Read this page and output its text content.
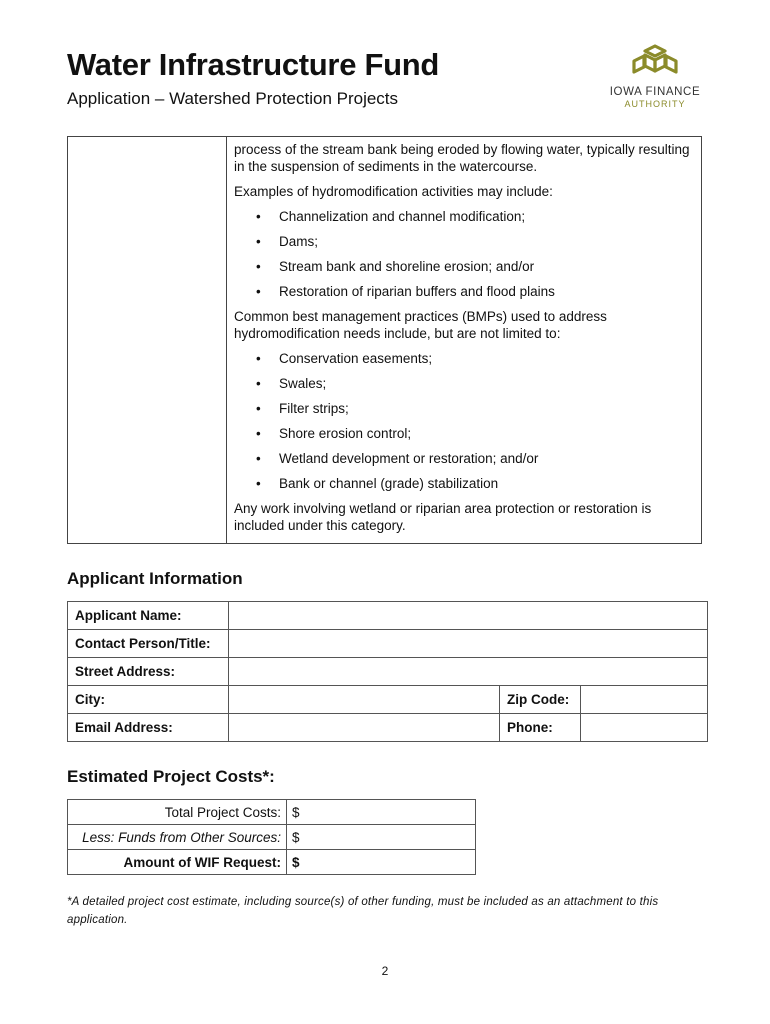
Water Infrastructure Fund

Application – Watershed Protection Projects	IOWA FINANCE
AUTHORITY

process of the stream bank being eroded by flowing water, typically resulting in the suspension of sediments in the watercourse.

Examples of hydromodification activities may include:

• Channelization and channel modification;
• Dams;
• Stream bank and shoreline erosion; and/or
• Restoration of riparian buffers and flood plains

Common best management practices (BMPs) used to address hydromodification needs include, but are not limited to:

• Conservation easements;
• Swales;
• Filter strips;
• Shore erosion control;
• Wetland development or restoration; and/or
• Bank or channel (grade) stabilization

Any work involving wetland or riparian area protection or restoration is included under this category.

Applicant Information
Applicant Name:			
Contact Person/Title:			
Street Address:			
City:		Zip Code:	
Email Address:		Phone:	
Estimated Project Costs*:
Total Project Costs:	$
Less: Funds from Other Sources:	$
Amount of WIF Request:	$

*A detailed project cost estimate, including source(s) of other funding, must be included as an attachment to this application.

2
